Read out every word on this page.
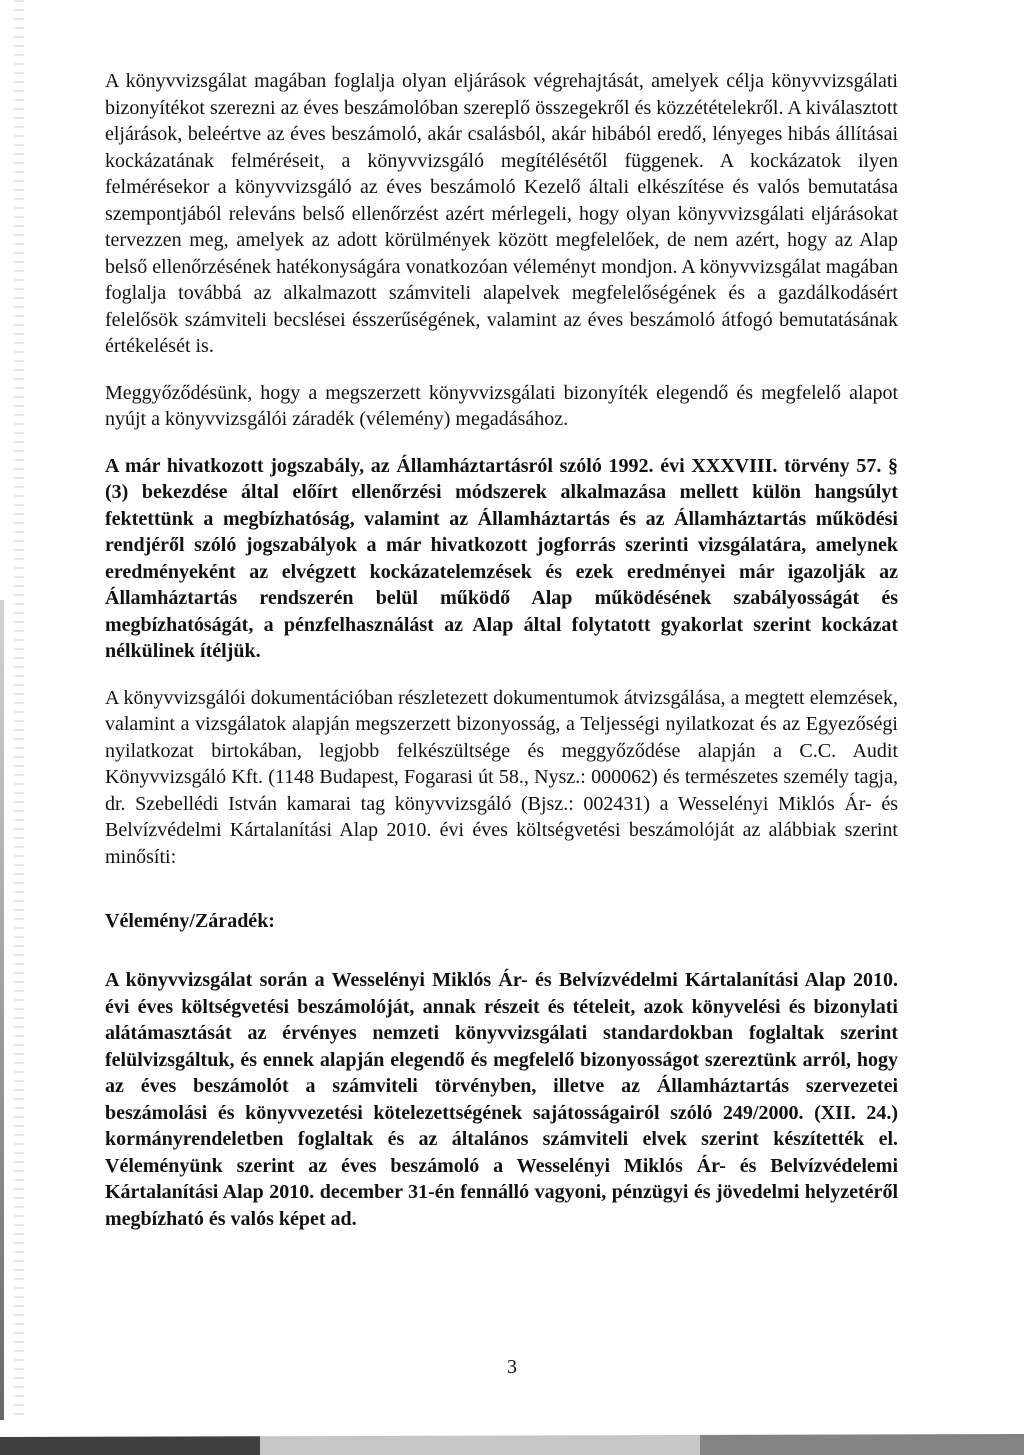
A könyvvizsgálat magában foglalja olyan eljárások végrehajtását, amelyek célja könyvvizsgálati bizonyítékot szerezni az éves beszámolóban szereplő összegekről és közzétételekről. A kiválasztott eljárások, beleértve az éves beszámoló, akár csalásból, akár hibából eredő, lényeges hibás állításai kockázatának felméréseit, a könyvvizsgáló megítélésétől függenek. A kockázatok ilyen felmérésekor a könyvvizsgáló az éves beszámoló Kezelő általi elkészítése és valós bemutatása szempontjából releváns belső ellenőrzést azért mérlegeli, hogy olyan könyvvizsgálati eljárásokat tervezzen meg, amelyek az adott körülmények között megfelelőek, de nem azért, hogy az Alap belső ellenőrzésének hatékonyságára vonatkozóan véleményt mondjon. A könyvvizsgálat magában foglalja továbbá az alkalmazott számviteli alapelvek megfelelőségének és a gazdálkodásért felelősök számviteli becslései ésszerűségének, valamint az éves beszámoló átfogó bemutatásának értékelését is.

Meggyőződésünk, hogy a megszerzett könyvvizsgálati bizonyíték elegendő és megfelelő alapot nyújt a könyvvizsgálói záradék (vélemény) megadásához.

A már hivatkozott jogszabály, az Államháztartásról szóló 1992. évi XXXVIII. törvény 57. § (3) bekezdése által előírt ellenőrzési módszerek alkalmazása mellett külön hangsúlyt fektettünk a megbízhatóság, valamint az Államháztartás és az Államháztartás működési rendjéről szóló jogszabályok a már hivatkozott jogforrás szerinti vizsgálatára, amelynek eredményeként az elvégzett kockázatelemzések és ezek eredményei már igazolják az Államháztartás rendszerén belül működő Alap működésének szabályosságát és megbízhatóságát, a pénzfelhasználást az Alap által folytatott gyakorlat szerint kockázat nélkülinek ítéljük.

A könyvvizsgálói dokumentációban részletezett dokumentumok átvizsgálása, a megtett elemzések, valamint a vizsgálatok alapján megszerzett bizonyosság, a Teljességi nyilatkozat és az Egyezőségi nyilatkozat birtokában, legjobb felkészültsége és meggyőződése alapján a C.C. Audit Könyvvizsgáló Kft. (1148 Budapest, Fogarasi út 58., Nysz.: 000062) és természetes személy tagja, dr. Szebellédi István kamarai tag könyvvizsgáló (Bjsz.: 002431) a Wesselényi Miklós Ár- és Belvízvédelmi Kártalanítási Alap 2010. évi éves költségvetési beszámolóját az alábbiak szerint minősíti:

Vélemény/Záradék:

A könyvvizsgálat során a Wesselényi Miklós Ár- és Belvízvédelmi Kártalanítási Alap 2010. évi éves költségvetési beszámolóját, annak részeit és tételeit, azok könyvelési és bizonylati alátámasztását az érvényes nemzeti könyvvizsgálati standardokban foglaltak szerint felülvizsgáltuk, és ennek alapján elegendő és megfelelő bizonyosságot szereztünk arról, hogy az éves beszámolót a számviteli törvényben, illetve az Államháztartás szervezetei beszámolási és könyvvezetési kötelezettségének sajátosságairól szóló 249/2000. (XII. 24.) kormányrendeletben foglaltak és az általános számviteli elvek szerint készítették el. Véleményünk szerint az éves beszámoló a Wesselényi Miklós Ár- és Belvízvédelemi Kártalanítási Alap 2010. december 31-én fennálló vagyoni, pénzügyi és jövedelmi helyzetéről megbízható és valós képet ad.

3
